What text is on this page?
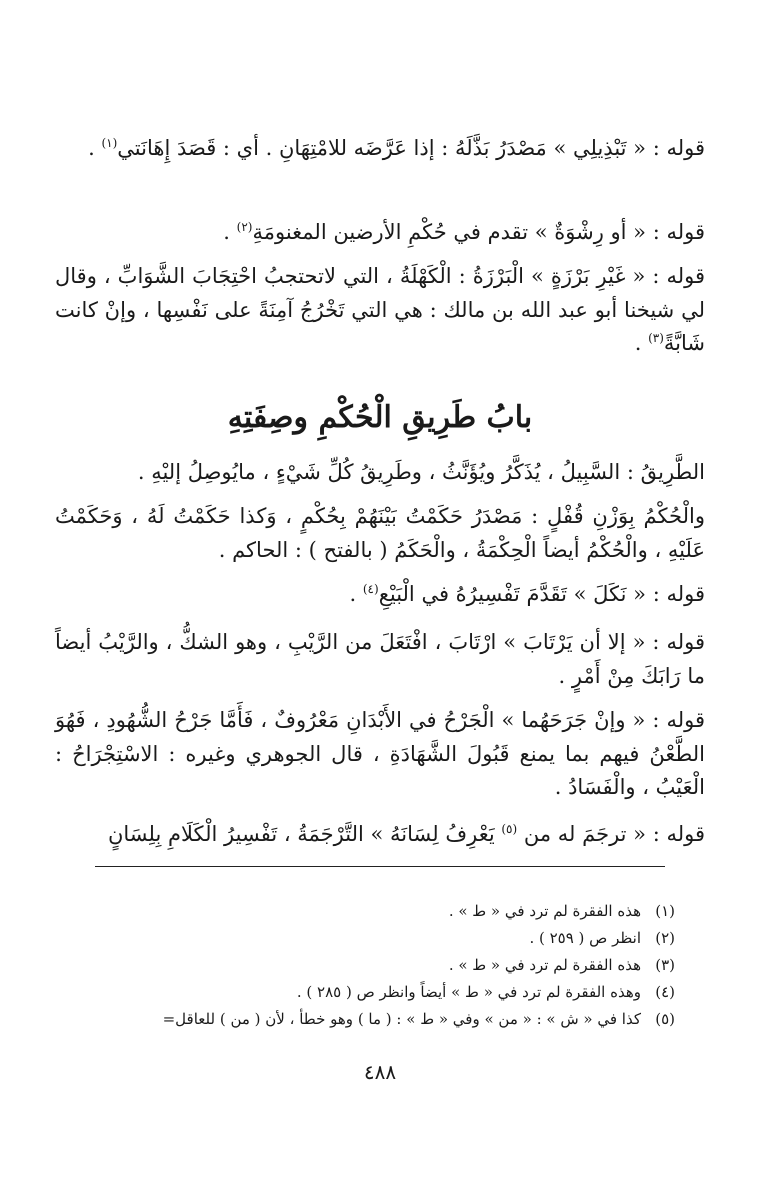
قوله : « تَبْذِيلِي » مَصْدَرُ بَذَّلَهُ : إذا عَرَّضَه للامْتِهَانِ . أي : قَصَدَ إِهَانَتي$^{(١)}$ .

قوله : « أو رِشْوَةٌ » تقدم في حُكْمِ الأرضين المغنومَةِ$^{(٢)}$ .

قوله : « غَيْرِ بَرْزَةٍ » الْبَرْزَةُ : الْكَهْلَةُ ، التي لاتحتجبُ احْتِجَابَ الشَّوَابِّ ، وقال لي شيخنا أبو عبد الله بن مالك : هي التي تَخْرُجُ آمِنَةً على نَفْسِها ، وإنْ كانت شَابَّةً$^{(٣)}$ .

بابُ طَرِيقِ الْحُكْمِ وصِفَتِهِ

الطَّرِيقُ : السَّبِيلُ ، يُذَكَّرُ ويُؤَنَّثُ ، وطَرِيقُ كُلِّ شَيْءٍ ، مايُوصِلُ إليْهِ .

والْحُكْمُ بِوَزْنِ قُفْلٍ : مَصْدَرُ حَكَمْتُ بَيْنَهُمْ بِحُكْمٍ ، وَكذا حَكَمْتُ لَهُ ، وَحَكَمْتُ عَلَيْهِ ، والْحُكْمُ أيضاً الْحِكْمَةُ ، والْحَكَمُ ( بالفتح ) : الحاكم .

قوله : « نَكَلَ » تَقَدَّمَ تَفْسِيرُهُ في الْبَيْعِ$^{(٤)}$ .

قوله : « إلا أن يَرْتَابَ » ارْتَابَ ، افْتَعَلَ من الرَّيْبِ ، وهو الشكُّ ، والرَّيْبُ أيضاً ما رَابَكَ مِنْ أَمْرٍ .

قوله : « وإنْ جَرَحَهُما » الْجَرْحُ في الأَبْدَانِ مَعْرُوفٌ ، فَأَمَّا جَرْحُ الشُّهُودِ ، فَهُوَ الطَّعْنُ فيهم بما يمنع قَبُولَ الشَّهَادَةِ ، قال الجوهري وغيره : الاسْتِجْرَاحُ : الْعَيْبُ ، والْفَسَادُ .

قوله : « ترجَمَ له من $^{(٥)}$ يَعْرِفُ لِسَانَهُ » التَّرْجَمَةُ ، تَفْسِيرُ الْكَلَامِ بِلِسَانٍ

(١)هذه الفقرة لم ترد في « ط » .
(٢)انظر ص ( ٢٥٩ ) .
(٣)هذه الفقرة لم ترد في « ط » .
(٤)وهذه الفقرة لم ترد في « ط » أيضاً وانظر ص ( ٢٨٥ ) .
(٥)كذا في « ش » : « من » وفي « ط » : ( ما ) وهو خطأ ، لأن ( من ) للعاقل=

٤٨٨
